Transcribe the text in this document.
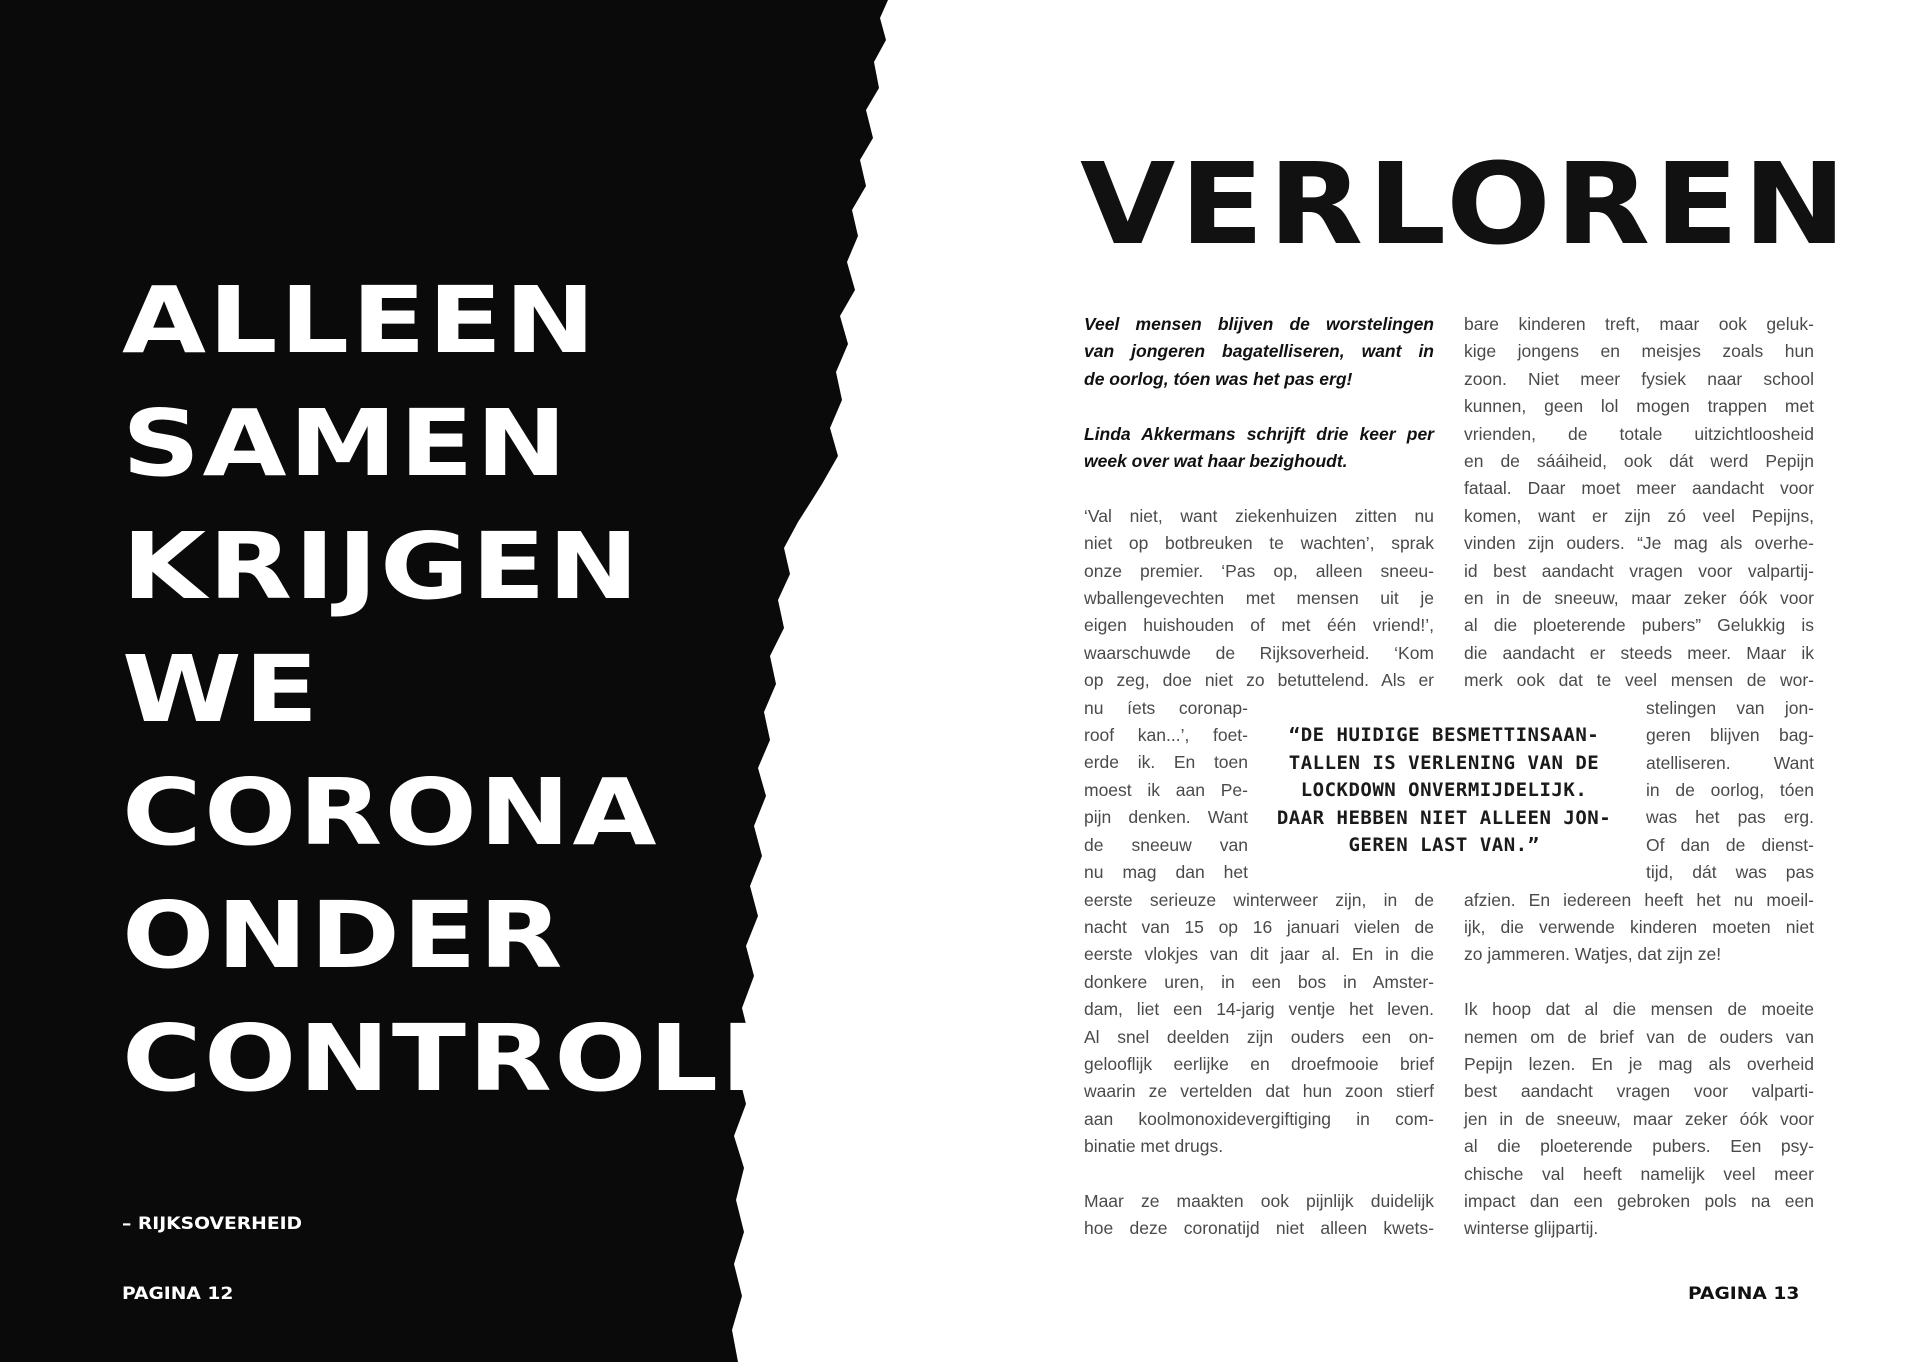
ALLEEN
SAMEN
KRIJGEN
WE
CORONA
ONDER
CONTROLE
– RIJKSOVERHEID
PAGINA 12
VERLOREN
Veel mensen blijven de worstelingen
van jongeren bagatelliseren, want in
de oorlog, tóen was het pas erg!
Linda Akkermans schrijft drie keer per
week over wat haar bezighoudt.

‘Val niet, want ziekenhuizen zitten nu
niet op botbreuken te wachten’, sprak
onze premier. ‘Pas op, alleen sneeu-
wballengevechten met mensen uit je
eigen huishouden of met één vriend!’,
waarschuwde de Rijksoverheid. ‘Kom
op zeg, doe niet zo betuttelend. Als er
nu íets coronap-
roof kan...’, foet-
erde ik. En toen
moest ik aan Pe-
pijn denken. Want
de sneeuw van
nu mag dan het
eerste serieuze winterweer zijn, in de
nacht van 15 op 16 januari vielen de
eerste vlokjes van dit jaar al. En in die
donkere uren, in een bos in Amster-
dam, liet een 14-jarig ventje het leven.
Al snel deelden zijn ouders een on-
gelooflijk eerlijke en droefmooie brief
waarin ze vertelden dat hun zoon stierf
aan koolmonoxidevergiftiging in com-
binatie met drugs.

Maar ze maakten ook pijnlijk duidelijk
hoe deze coronatijd niet alleen kwets-

bare kinderen treft, maar ook geluk-
kige jongens en meisjes zoals hun
zoon. Niet meer fysiek naar school
kunnen, geen lol mogen trappen met
vrienden, de totale uitzichtloosheid
en de sááiheid, ook dát werd Pepijn
fataal. Daar moet meer aandacht voor
komen, want er zijn zó veel Pepijns,
vinden zijn ouders. “Je mag als overhe-
id best aandacht vragen voor valpartij-
en in de sneeuw, maar zeker óók voor
al die ploeterende pubers” Gelukkig is
die aandacht er steeds meer. Maar ik
merk ook dat te veel mensen de wor-
stelingen van jon-
geren blijven bag-
atelliseren. Want
in de oorlog, tóen
was het pas erg.
Of dan de dienst-
tijd, dát was pas
afzien. En iedereen heeft het nu moeil-
ijk, die verwende kinderen moeten niet
zo jammeren. Watjes, dat zijn ze!

Ik hoop dat al die mensen de moeite
nemen om de brief van de ouders van
Pepijn lezen. En je mag als overheid
best aandacht vragen voor valparti-
jen in de sneeuw, maar zeker óók voor
al die ploeterende pubers. Een psy-
chische val heeft namelijk veel meer
impact dan een gebroken pols na een
winterse glijpartij.

“DE HUIDIGE BESMETTINSAAN-
TALLEN IS VERLENING VAN DE
LOCKDOWN ONVERMIJDELIJK.
DAAR HEBBEN NIET ALLEEN JON-
GEREN LAST VAN.”
PAGINA 13
